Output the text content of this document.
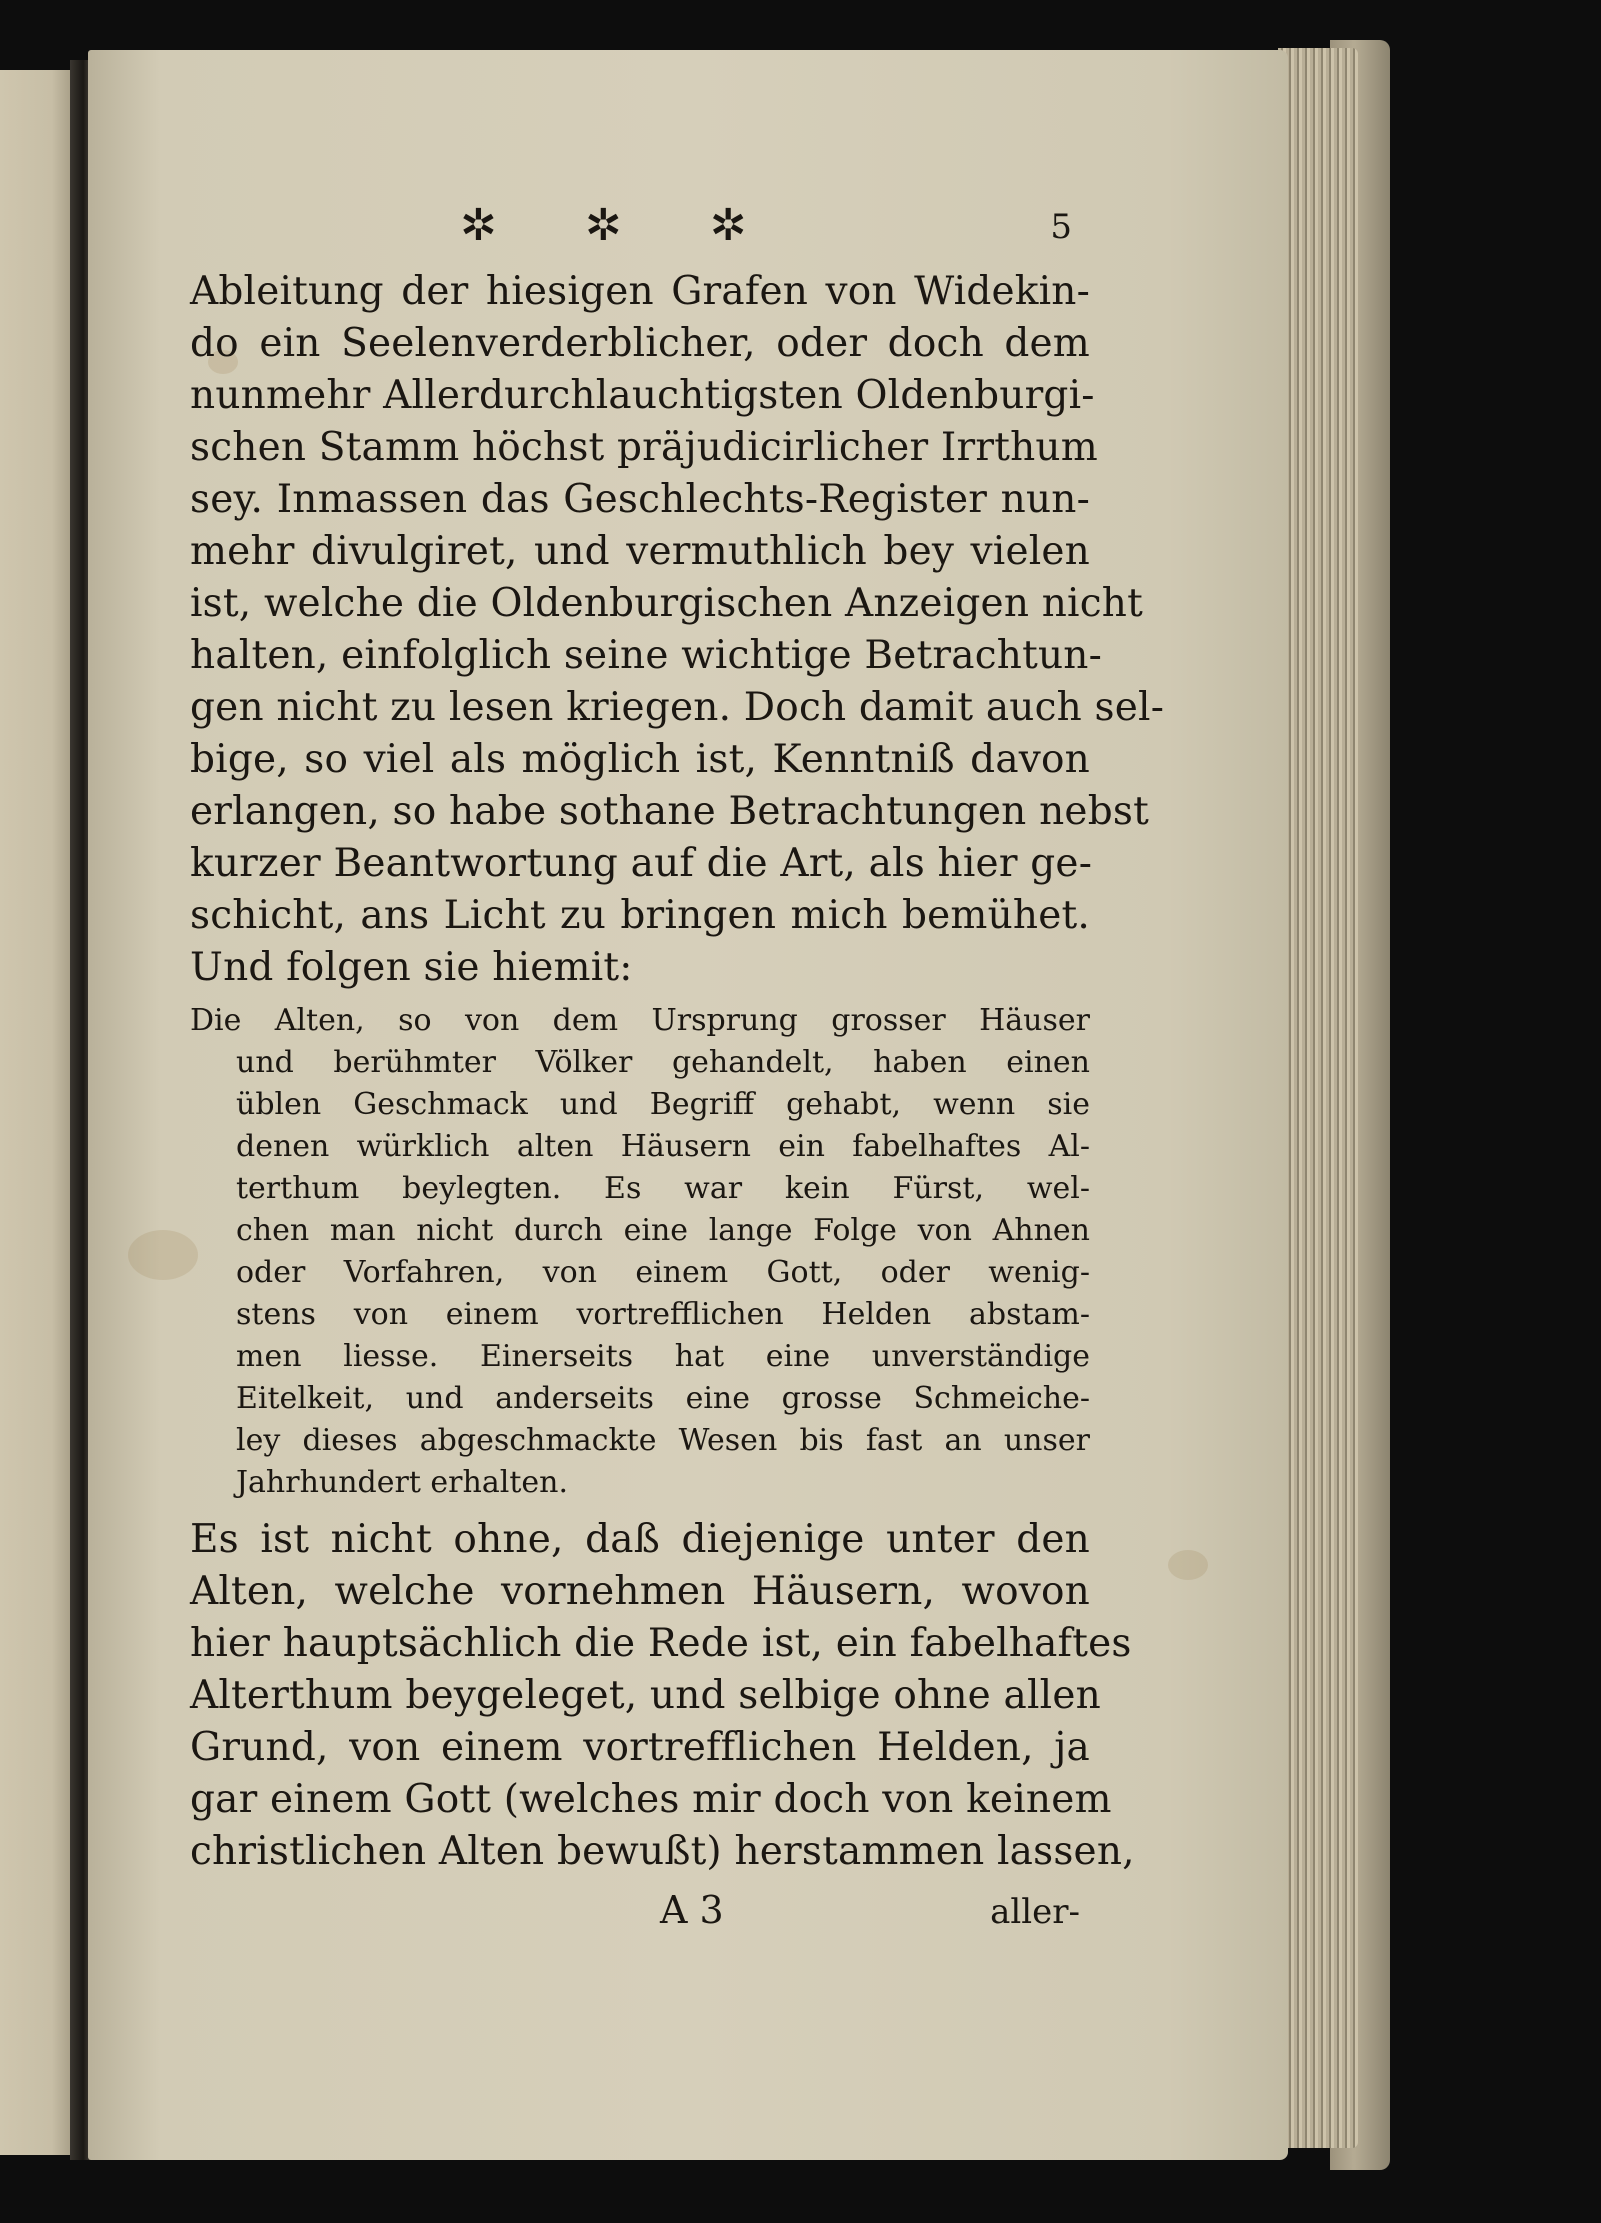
✲ ✲ ✲	5
Ableitung der hiesigen Grafen von Widekin-
do ein Seelenverderblicher, oder doch dem
nunmehr Allerdurchlauchtigsten Oldenburgi-
schen Stamm höchst präjudicirlicher Irrthum
sey. Inmassen das Geschlechts-Register nun-
mehr divulgiret, und vermuthlich bey vielen
ist, welche die Oldenburgischen Anzeigen nicht
halten, einfolglich seine wichtige Betrachtun-
gen nicht zu lesen kriegen. Doch damit auch sel-
bige, so viel als möglich ist, Kenntniß davon
erlangen, so habe sothane Betrachtungen nebst
kurzer Beantwortung auf die Art, als hier ge-
schicht, ans Licht zu bringen mich bemühet.
Und folgen sie hiemit:
Die Alten, so von dem Ursprung grosser Häuser
und berühmter Völker gehandelt, haben einen
üblen Geschmack und Begriff gehabt, wenn sie
denen würklich alten Häusern ein fabelhaftes Al-
terthum beylegten. Es war kein Fürst, wel-
chen man nicht durch eine lange Folge von Ahnen
oder Vorfahren, von einem Gott, oder wenig-
stens von einem vortrefflichen Helden abstam-
men liesse. Einerseits hat eine unverständige
Eitelkeit, und anderseits eine grosse Schmeiche-
ley dieses abgeschmackte Wesen bis fast an unser
Jahrhundert erhalten.
Es ist nicht ohne, daß diejenige unter den
Alten, welche vornehmen Häusern, wovon
hier hauptsächlich die Rede ist, ein fabelhaftes
Alterthum beygeleget, und selbige ohne allen
Grund, von einem vortrefflichen Helden, ja
gar einem Gott (welches mir doch von keinem
christlichen Alten bewußt) herstammen lassen,
A 3	aller-
